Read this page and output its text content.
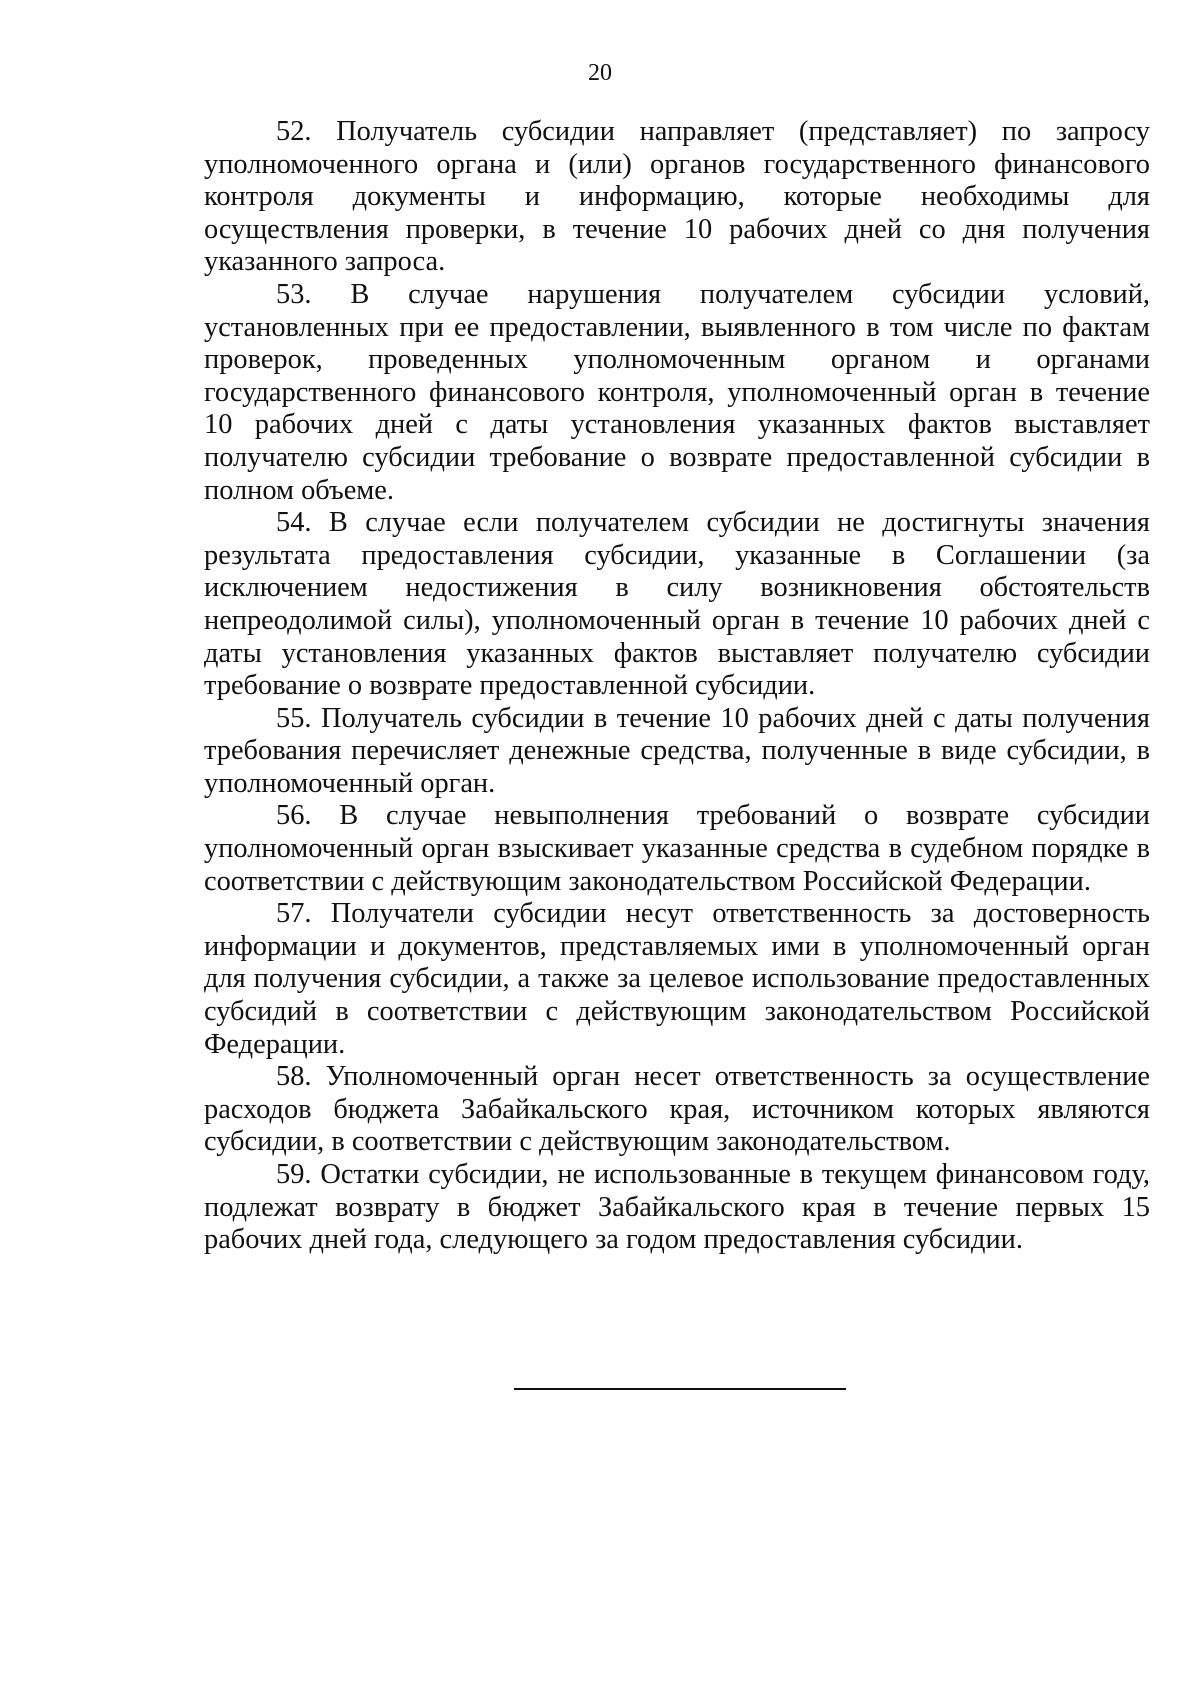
20

52. Получатель субсидии направляет (представляет) по запросу уполномоченного органа и (или) органов государственного финансового контроля документы и информацию, которые необходимы для осуществления проверки, в течение 10 рабочих дней со дня получения указанного запроса.

53. В случае нарушения получателем субсидии условий, установленных при ее предоставлении, выявленного в том числе по фактам проверок, проведенных уполномоченным органом и органами государственного финансового контроля, уполномоченный орган в течение 10 рабочих дней с даты установления указанных фактов выставляет получателю субсидии требование о возврате предоставленной субсидии в полном объеме.

54. В случае если получателем субсидии не достигнуты значения результата предоставления субсидии, указанные в Соглашении (за исключением недостижения в силу возникновения обстоятельств непреодолимой силы), уполномоченный орган в течение 10 рабочих дней с даты установления указанных фактов выставляет получателю субсидии требование о возврате предоставленной субсидии.

55. Получатель субсидии в течение 10 рабочих дней с даты получения требования перечисляет денежные средства, полученные в виде субсидии, в уполномоченный орган.

56. В случае невыполнения требований о возврате субсидии уполномоченный орган взыскивает указанные средства в судебном порядке в соответствии с действующим законодательством Российской Федерации.

57. Получатели субсидии несут ответственность за достоверность информации и документов, представляемых ими в уполномоченный орган для получения субсидии, а также за целевое использование предоставленных субсидий в соответствии с действующим законодательством Российской Федерации.

58. Уполномоченный орган несет ответственность за осуществление расходов бюджета Забайкальского края, источником которых являются субсидии, в соответствии с действующим законодательством.

59. Остатки субсидии, не использованные в текущем финансовом году, подлежат возврату в бюджет Забайкальского края в течение первых 15 рабочих дней года, следующего за годом предоставления субсидии.
